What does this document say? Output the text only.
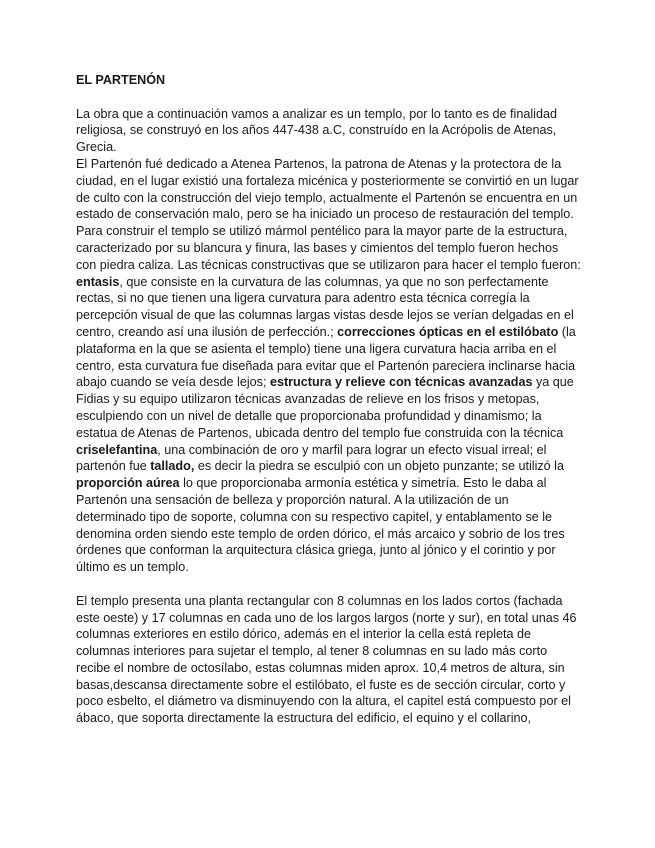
EL PARTENÓN

La obra que a continuación vamos a analizar es un templo, por lo tanto es de finalidad religiosa, se construyó en los años 447-438 a.C, construído en la Acrópolis de Atenas, Grecia.

El Partenón fué dedicado a Atenea Partenos, la patrona de Atenas y la protectora de la ciudad, en el lugar existió una fortaleza micénica y posteriormente se convirtió en un lugar de culto con la construcción del viejo templo, actualmente el Partenón se encuentra en un estado de conservación malo, pero se ha iniciado un proceso de restauración del templo.

Para construir el templo se utilizó mármol pentélico para la mayor parte de la estructura, caracterizado por su blancura y finura, las bases y cimientos del templo fueron hechos con piedra caliza. Las técnicas constructivas que se utilizaron para hacer el templo fueron: entasis, que consiste en la curvatura de las columnas, ya que no son perfectamente rectas, si no que tienen una ligera curvatura para adentro esta técnica corregía la percepción visual de que las columnas largas vistas desde lejos se verían delgadas en el centro, creando así una ilusión de perfección.; correcciones ópticas en el estilóbato (la plataforma en la que se asienta el templo) tiene una ligera curvatura hacia arriba en el centro, esta curvatura fue diseñada para evitar que el Partenón pareciera inclinarse hacia abajo cuando se veía desde lejos; estructura y relieve con técnicas avanzadas ya que Fidias y su equipo utilizaron técnicas avanzadas de relieve en los frisos y metopas, esculpiendo con un nivel de detalle que proporcionaba profundidad y dinamismo; la estatua de Atenas de Partenos, ubicada dentro del templo fue construida con la técnica criselefantina, una combinación de oro y marfil para lograr un efecto visual irreal; el partenón fue tallado, es decir la piedra se esculpió con un objeto punzante; se utilizó la proporción aúrea lo que proporcionaba armonía estética y simetría. Esto le daba al Partenón una sensación de belleza y proporción natural. A la utilización de un determinado tipo de soporte, columna con su respectivo capitel, y entablamento se le denomina orden siendo este templo de orden dórico, el más arcaico y sobrio de los tres órdenes que conforman la arquitectura clásica griega, junto al jónico y el corintio y por último es un templo.

El templo presenta una planta rectangular con 8 columnas en los lados cortos (fachada este oeste) y 17 columnas en cada uno de los largos largos (norte y sur), en total unas 46 columnas exteriores en estilo dórico, además en el interior la cella está repleta de columnas interiores para sujetar el templo, al tener 8 columnas en su lado más corto recibe el nombre de octosílabo, estas columnas miden aprox. 10,4 metros de altura, sin basas,descansa directamente sobre el estilóbato, el fuste es de sección circular, corto y poco esbelto, el diámetro va disminuyendo con la altura, el capitel está compuesto por el ábaco, que soporta directamente la estructura del edificio, el equino y el collarino,
